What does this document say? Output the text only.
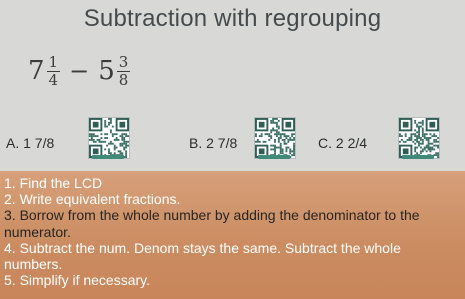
Subtraction with regrouping
$7 \frac{1}{4} - 5 \frac{3}{8}$
A. 1 7/8	B. 2 7/8	C. 2 2/4
1. Find the LCD
2. Write equivalent fractions.
3. Borrow from the whole number by adding the denominator to the numerator.
4. Subtract the num. Denom stays the same. Subtract the whole numbers.
5. Simplify if necessary.
